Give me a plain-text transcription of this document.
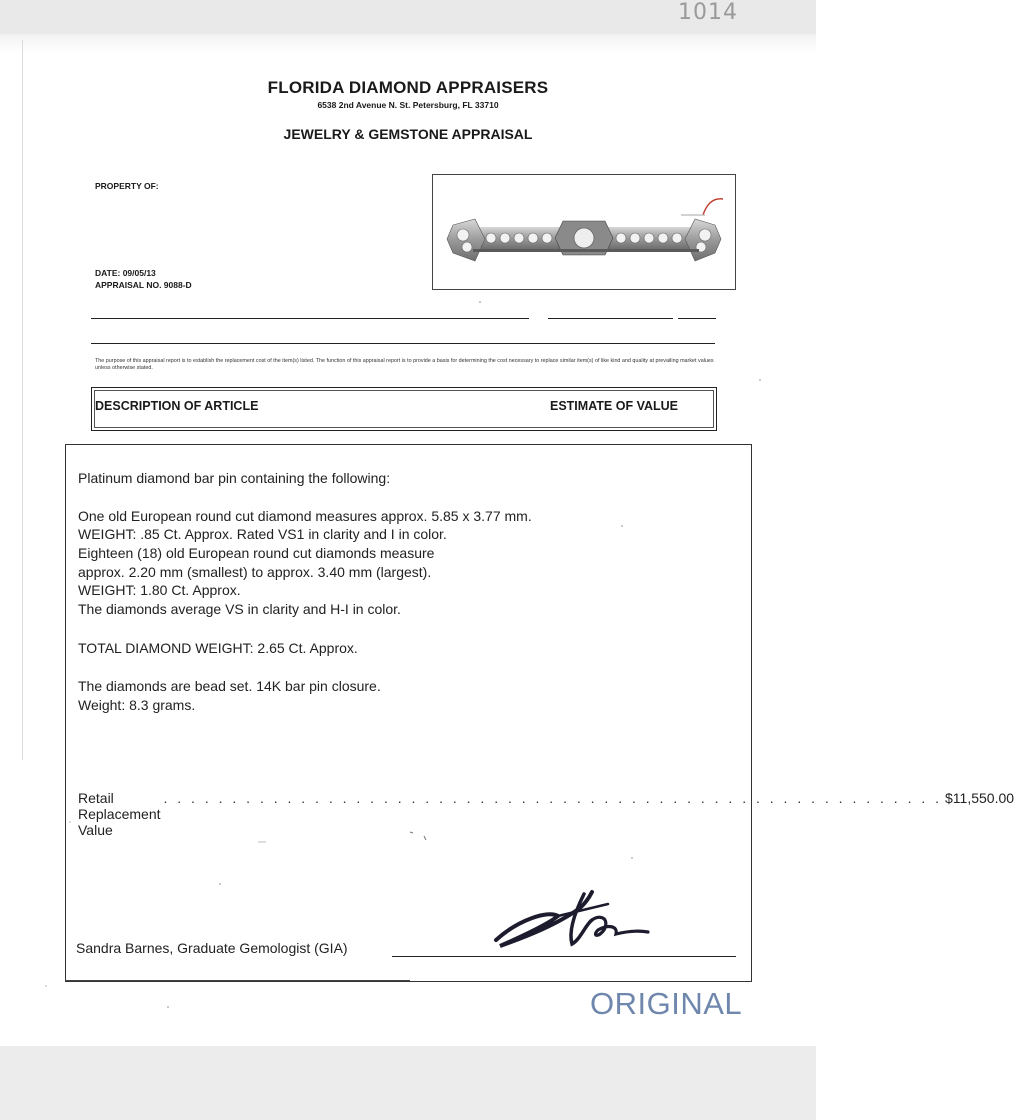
1014
FLORIDA DIAMOND APPRAISERS
6538 2nd Avenue N. St. Petersburg, FL 33710
JEWELRY & GEMSTONE APPRAISAL
PROPERTY OF:
DATE: 09/05/13
APPRAISAL NO. 9088-D
The purpose of this appraisal report is to establish the replacement cost of the item(s) listed. The function of this appraisal report is to provide a basis for determining the cost necessary to replace similar item(s) of like kind and quality at prevailing market values unless otherwise stated.
DESCRIPTION OF ARTICLE	ESTIMATE OF VALUE
Platinum diamond bar pin containing the following:
One old European round cut diamond measures approx. 5.85 x 3.77 mm.
WEIGHT: .85 Ct. Approx. Rated VS1 in clarity and I in color.
Eighteen (18) old European round cut diamonds measure
approx. 2.20 mm (smallest) to approx. 3.40 mm (largest).
WEIGHT: 1.80 Ct. Approx.
The diamonds average VS in clarity and H-I in color.
TOTAL DIAMOND WEIGHT: 2.65 Ct. Approx.
The diamonds are bead set. 14K bar pin closure.
Weight: 8.3 grams.
Retail Replacement Value
. . . . . . . . . . . . . . . . . . . . . . . . . . . . . . . . . . . . . . . . . . . . . . . . . . . . . . . . . $11,550.00
Sandra Barnes, Graduate Gemologist (GIA)
ORIGINAL
